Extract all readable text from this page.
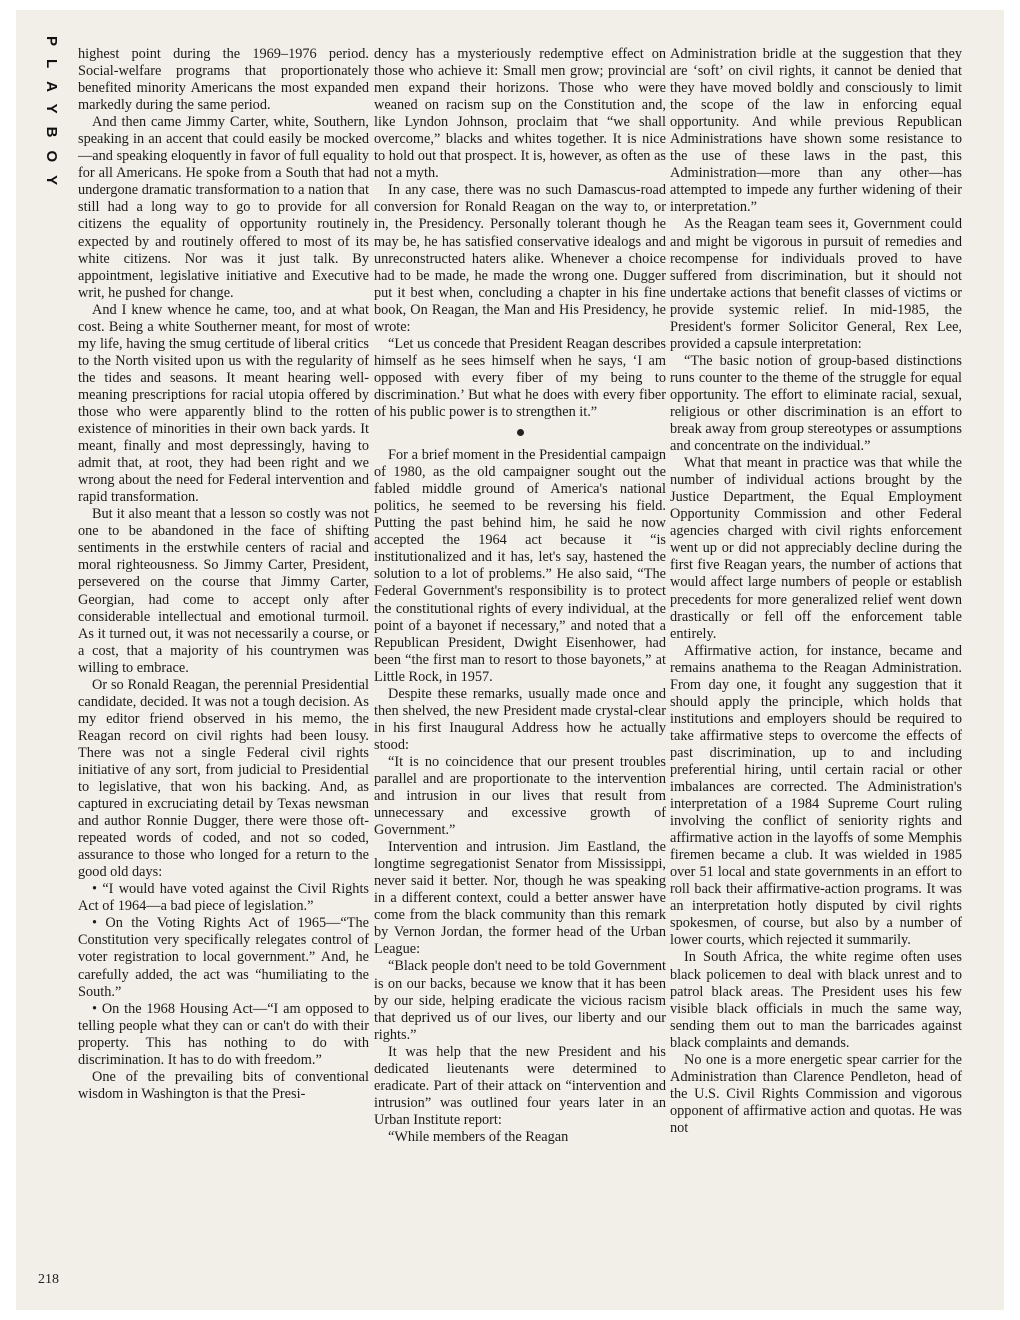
PLAYBOY highest point during the 1969–1976 period. Social-welfare programs that proportionately benefited minority Americans the most expanded markedly during the same period.

And then came Jimmy Carter, white, Southern, speaking in an accent that could easily be mocked—and speaking eloquently in favor of full equality for all Americans. He spoke from a South that had undergone dramatic transformation to a nation that still had a long way to go to provide for all citizens the equality of opportunity routinely expected by and routinely offered to most of its white citizens. Nor was it just talk. By appointment, legislative initiative and Executive writ, he pushed for change.

And I knew whence he came, too, and at what cost. Being a white Southerner meant, for most of my life, having the smug certitude of liberal critics to the North visited upon us with the regularity of the tides and seasons. It meant hearing well-meaning prescriptions for racial utopia offered by those who were apparently blind to the rotten existence of minorities in their own back yards. It meant, finally and most depressingly, having to admit that, at root, they had been right and we wrong about the need for Federal intervention and rapid transformation.

But it also meant that a lesson so costly was not one to be abandoned in the face of shifting sentiments in the erstwhile centers of racial and moral righteousness. So Jimmy Carter, President, persevered on the course that Jimmy Carter, Georgian, had come to accept only after considerable intellectual and emotional turmoil. As it turned out, it was not necessarily a course, or a cost, that a majority of his countrymen was willing to embrace.

Or so Ronald Reagan, the perennial Presidential candidate, decided. It was not a tough decision. As my editor friend observed in his memo, the Reagan record on civil rights had been lousy. There was not a single Federal civil rights initiative of any sort, from judicial to Presidential to legislative, that won his backing. And, as captured in excruciating detail by Texas newsman and author Ronnie Dugger, there were those oft-repeated words of coded, and not so coded, assurance to those who longed for a return to the good old days:

• “I would have voted against the Civil Rights Act of 1964—a bad piece of legislation.”

• On the Voting Rights Act of 1965—“The Constitution very specifically relegates control of voter registration to local government.” And, he carefully added, the act was “humiliating to the South.”

• On the 1968 Housing Act—“I am opposed to telling people what they can or can't do with their property. This has nothing to do with discrimination. It has to do with freedom.”

One of the prevailing bits of conventional wisdom in Washington is that the Presi-

dency has a mysteriously redemptive effect on those who achieve it: Small men grow; provincial men expand their horizons. Those who were weaned on racism sup on the Constitution and, like Lyndon Johnson, proclaim that “we shall overcome,” blacks and whites together. It is nice to hold out that prospect. It is, however, as often as not a myth.

In any case, there was no such Damascus-road conversion for Ronald Reagan on the way to, or in, the Presidency. Personally tolerant though he may be, he has satisfied conservative idealogs and unreconstructed haters alike. Whenever a choice had to be made, he made the wrong one. Dugger put it best when, concluding a chapter in his fine book, On Reagan, the Man and His Presidency, he wrote:

“Let us concede that President Reagan describes himself as he sees himself when he says, ‘I am opposed with every fiber of my being to discrimination.’ But what he does with every fiber of his public power is to strengthen it.”

For a brief moment in the Presidential campaign of 1980, as the old campaigner sought out the fabled middle ground of America's national politics, he seemed to be reversing his field. Putting the past behind him, he said he now accepted the 1964 act because it “is institutionalized and it has, let's say, hastened the solution to a lot of problems.” He also said, “The Federal Government's responsibility is to protect the constitutional rights of every individual, at the point of a bayonet if necessary,” and noted that a Republican President, Dwight Eisenhower, had been “the first man to resort to those bayonets,” at Little Rock, in 1957.

Despite these remarks, usually made once and then shelved, the new President made crystal-clear in his first Inaugural Address how he actually stood:

“It is no coincidence that our present troubles parallel and are proportionate to the intervention and intrusion in our lives that result from unnecessary and excessive growth of Government.”

Intervention and intrusion. Jim Eastland, the longtime segregationist Senator from Mississippi, never said it better. Nor, though he was speaking in a different context, could a better answer have come from the black community than this remark by Vernon Jordan, the former head of the Urban League:

“Black people don't need to be told Government is on our backs, because we know that it has been by our side, helping eradicate the vicious racism that deprived us of our lives, our liberty and our rights.”

It was help that the new President and his dedicated lieutenants were determined to eradicate. Part of their attack on “intervention and intrusion” was outlined four years later in an Urban Institute report:

“While members of the Reagan

Administration bridle at the suggestion that they are ‘soft’ on civil rights, it cannot be denied that they have moved boldly and consciously to limit the scope of the law in enforcing equal opportunity. And while previous Republican Administrations have shown some resistance to the use of these laws in the past, this Administration—more than any other—has attempted to impede any further widening of their interpretation.”

As the Reagan team sees it, Government could and might be vigorous in pursuit of remedies and recompense for individuals proved to have suffered from discrimination, but it should not undertake actions that benefit classes of victims or provide systemic relief. In mid-1985, the President's former Solicitor General, Rex Lee, provided a capsule interpretation:

“The basic notion of group-based distinctions runs counter to the theme of the struggle for equal opportunity. The effort to eliminate racial, sexual, religious or other discrimination is an effort to break away from group stereotypes or assumptions and concentrate on the individual.”

What that meant in practice was that while the number of individual actions brought by the Justice Department, the Equal Employment Opportunity Commission and other Federal agencies charged with civil rights enforcement went up or did not appreciably decline during the first five Reagan years, the number of actions that would affect large numbers of people or establish precedents for more generalized relief went down drastically or fell off the enforcement table entirely.

Affirmative action, for instance, became and remains anathema to the Reagan Administration. From day one, it fought any suggestion that it should apply the principle, which holds that institutions and employers should be required to take affirmative steps to overcome the effects of past discrimination, up to and including preferential hiring, until certain racial or other imbalances are corrected. The Administration's interpretation of a 1984 Supreme Court ruling involving the conflict of seniority rights and affirmative action in the layoffs of some Memphis firemen became a club. It was wielded in 1985 over 51 local and state governments in an effort to roll back their affirmative-action programs. It was an interpretation hotly disputed by civil rights spokesmen, of course, but also by a number of lower courts, which rejected it summarily.

In South Africa, the white regime often uses black policemen to deal with black unrest and to patrol black areas. The President uses his few visible black officials in much the same way, sending them out to man the barricades against black complaints and demands.

No one is a more energetic spear carrier for the Administration than Clarence Pendleton, head of the U.S. Civil Rights Commission and vigorous opponent of affirmative action and quotas. He was not

218
